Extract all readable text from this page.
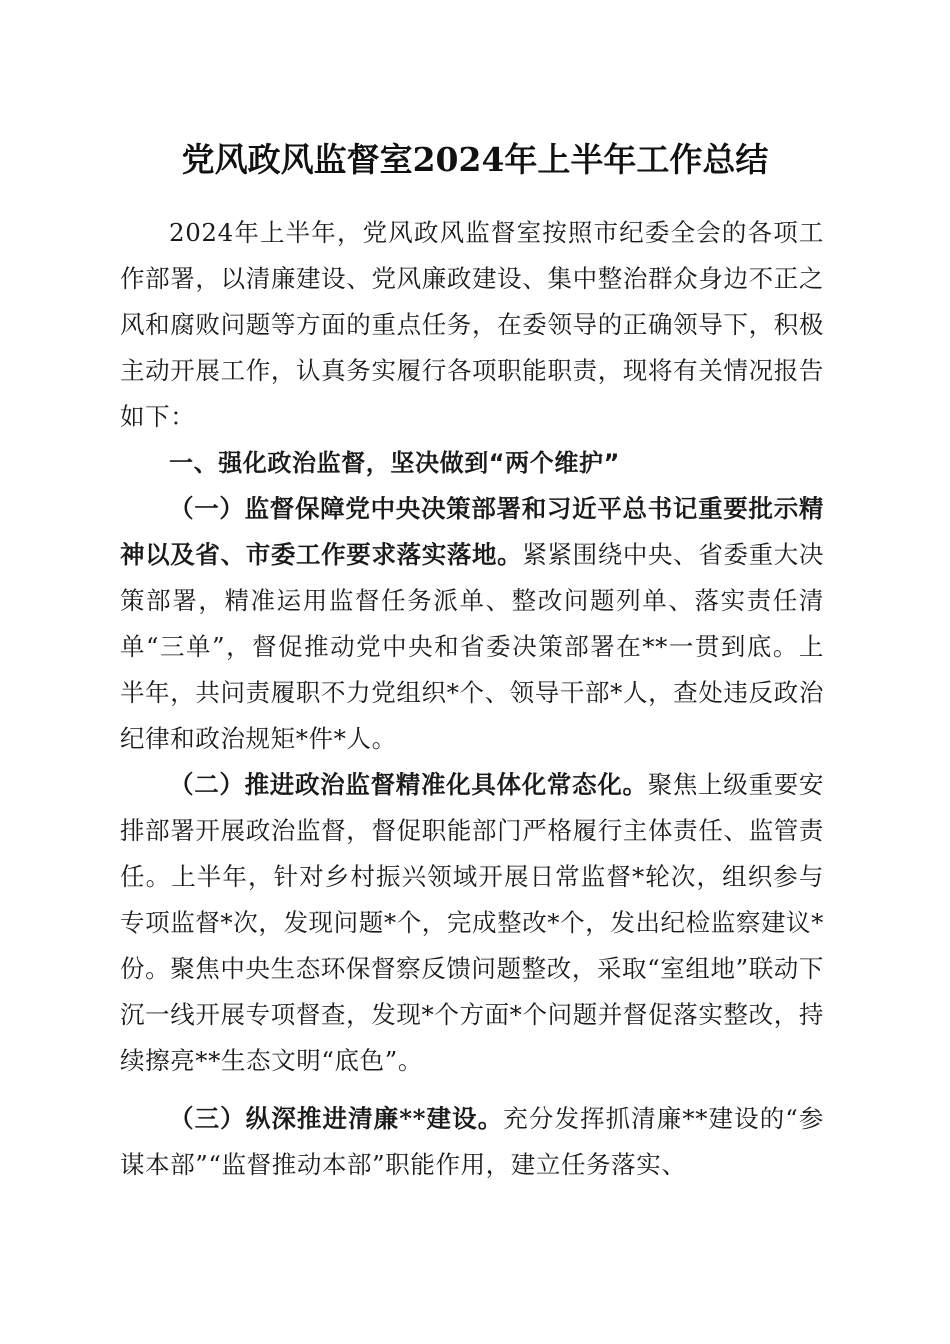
党风政风监督室2024年上半年工作总结

2024年上半年，党风政风监督室按照市纪委全会的各项工作部署，以清廉建设、党风廉政建设、集中整治群众身边不正之风和腐败问题等方面的重点任务，在委领导的正确领导下，积极主动开展工作，认真务实履行各项职能职责，现将有关情况报告如下：

一、强化政治监督，坚决做到“两个维护”

（一）监督保障党中央决策部署和习近平总书记重要批示精神以及省、市委工作要求落实落地。紧紧围绕中央、省委重大决策部署，精准运用监督任务派单、整改问题列单、落实责任清单“三单”，督促推动党中央和省委决策部署在**一贯到底。上半年，共问责履职不力党组织*个、领导干部*人，查处违反政治纪律和政治规矩*件*人。

（二）推进政治监督精准化具体化常态化。聚焦上级重要安排部署开展政治监督，督促职能部门严格履行主体责任、监管责任。上半年，针对乡村振兴领域开展日常监督*轮次，组织参与专项监督*次，发现问题*个，完成整改*个，发出纪检监察建议*份。聚焦中央生态环保督察反馈问题整改，采取“室组地”联动下沉一线开展专项督查，发现*个方面*个问题并督促落实整改，持续擦亮**生态文明“底色”。

（三）纵深推进清廉**建设。充分发挥抓清廉**建设的“参谋本部”“监督推动本部”职能作用，建立任务落实、
